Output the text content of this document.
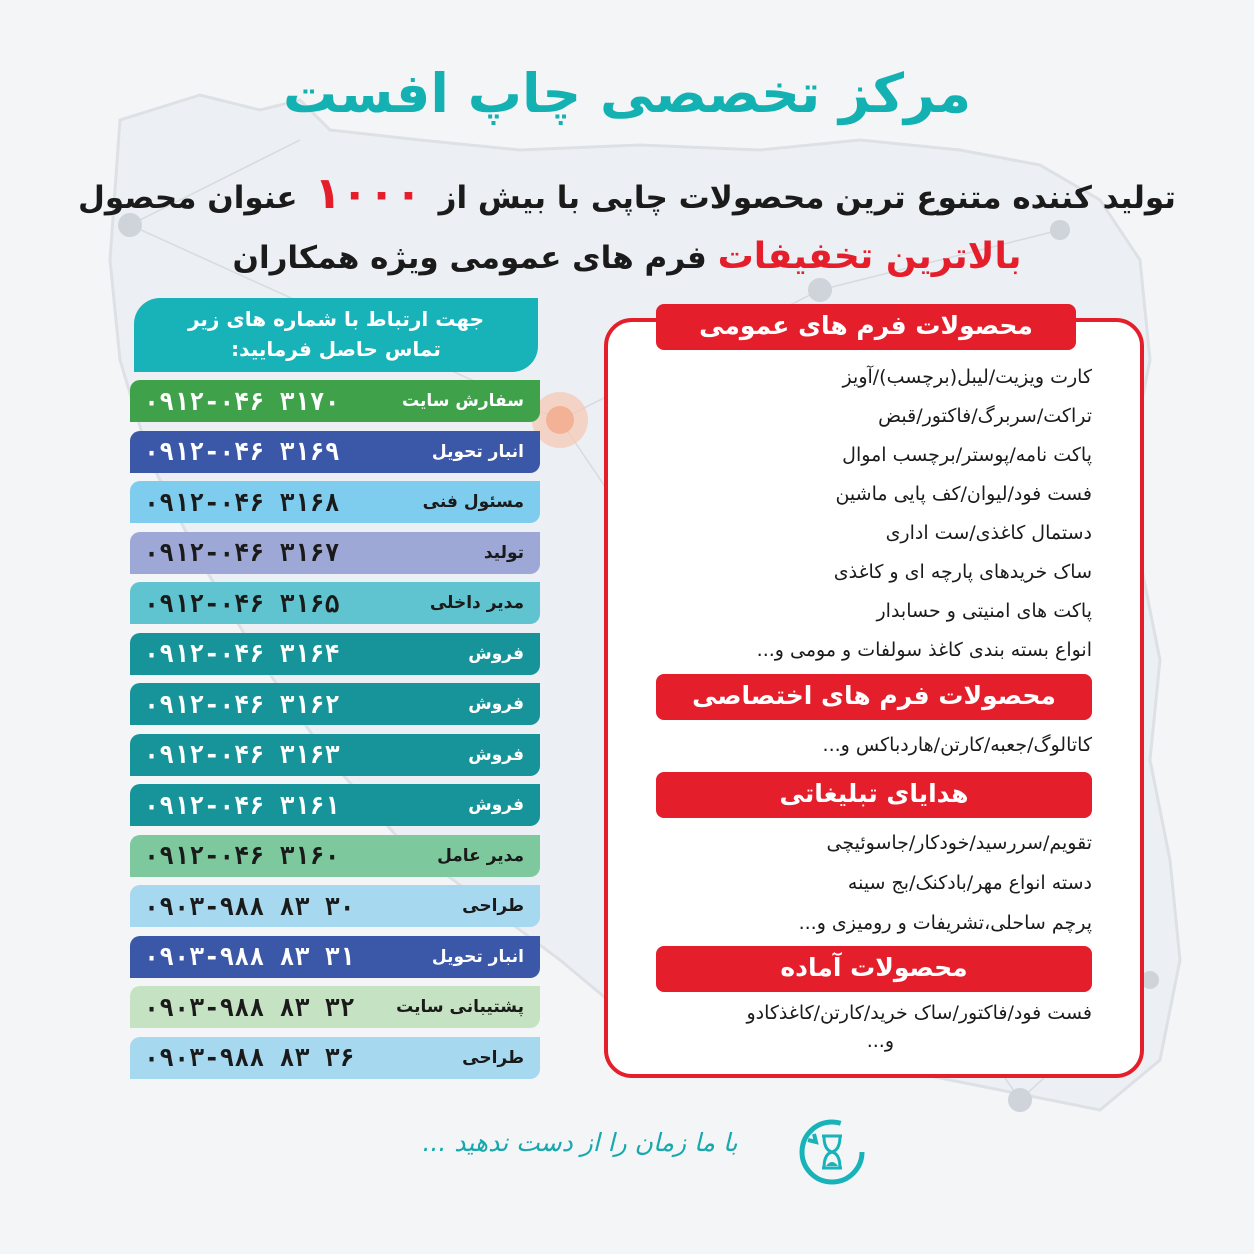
مرکز تخصصی چاپ افست
تولید کننده متنوع ترین محصولات چاپی با بیش از ۱۰۰۰ عنوان محصول
بالاترین تخفیفات فرم های عمومی ویژه همکاران
جهت ارتباط با شماره های زیر
تماس حاصل فرمایید:
سفارش سایت
۰۹۱۲-۰۴۶ ۳۱۷۰
انبار تحویل
۰۹۱۲-۰۴۶ ۳۱۶۹
مسئول فنی
۰۹۱۲-۰۴۶ ۳۱۶۸
تولید
۰۹۱۲-۰۴۶ ۳۱۶۷
مدیر داخلی
۰۹۱۲-۰۴۶ ۳۱۶۵
فروش
۰۹۱۲-۰۴۶ ۳۱۶۴
فروش
۰۹۱۲-۰۴۶ ۳۱۶۲
فروش
۰۹۱۲-۰۴۶ ۳۱۶۳
فروش
۰۹۱۲-۰۴۶ ۳۱۶۱
مدیر عامل
۰۹۱۲-۰۴۶ ۳۱۶۰
طراحی
۰۹۰۳-۹۸۸ ۸۳ ۳۰
انبار تحویل
۰۹۰۳-۹۸۸ ۸۳ ۳۱
پشتیبانی سایت
۰۹۰۳-۹۸۸ ۸۳ ۳۲
طراحی
۰۹۰۳-۹۸۸ ۸۳ ۳۶
محصولات فرم های عمومی
کارت ویزیت/لیبل(برچسب)/آویز
تراکت/سربرگ/فاکتور/قبض
پاکت نامه/پوستر/برچسب اموال
فست فود/لیوان/کف پایی ماشین
دستمال کاغذی/ست اداری
ساک خریدهای پارچه ای و کاغذی
پاکت های امنیتی و حسابدار
انواع بسته بندی کاغذ سولفات و مومی و...
محصولات فرم های اختصاصی
کاتالوگ/جعبه/کارتن/هاردباکس و...
هدایای تبلیغاتی
تقویم/سررسید/خودکار/جاسوئیچی
دسته انواع مهر/بادکنک/بج سینه
پرچم ساحلی،تشریفات و رومیزی و...
محصولات آماده
فست فود/فاکتور/ساک خرید/کارتن/کاغذکادو
و...
با ما زمان را از دست ندهید ...
